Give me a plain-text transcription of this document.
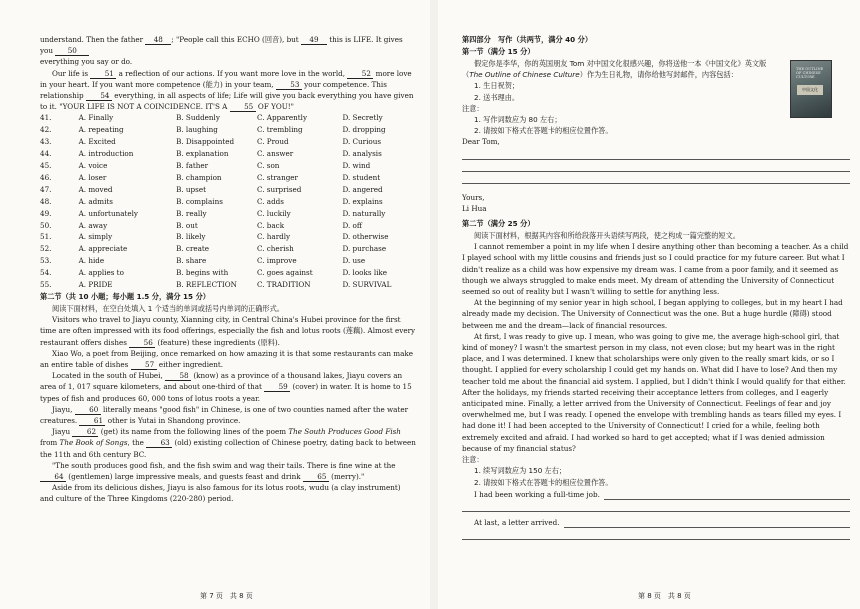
understand. Then the father 48 ; "People call this ECHO (回音), but 49 this is LIFE. It gives you 50
everything you say or do.

Our life is 51 a reflection of our actions. If you want more love in the world, 52 more love in your heart. If you want more competence (能力) in your team, 53 your competence. This relationship 54 everything, in all aspects of life; Life will give you back everything you have given to it. "YOUR LIFE IS NOT A COINCIDENCE. IT'S A 55 OF YOU!"

41.	A. Finally	B. Suddenly	C. Apparently	D. Secretly
42.	A. repeating	B. laughing	C. trembling	D. dropping
43.	A. Excited	B. Disappointed	C. Proud	D. Curious
44.	A. introduction	B. explanation	C. answer	D. analysis
45.	A. voice	B. father	C. son	D. wind
46.	A. loser	B. champion	C. stranger	D. student
47.	A. moved	B. upset	C. surprised	D. angered
48.	A. admits	B. complains	C. adds	D. explains
49.	A. unfortunately	B. really	C. luckily	D. naturally
50.	A. away	B. out	C. back	D. off
51.	A. simply	B. likely	C. hardly	D. otherwise
52.	A. appreciate	B. create	C. cherish	D. purchase
53.	A. hide	B. share	C. improve	D. use
54.	A. applies to	B. begins with	C. goes against	D. looks like
55.	A. PRIDE	B. REFLECTION	C. TRADITION	D. SURVIVAL

第二节（共 10 小题；每小题 1.5 分，满分 15 分）

阅读下面材料，在空白处填入 1 个适当的单词或括号内单词的正确形式。

Visitors who travel to Jiayu county, Xianning city, in Central China's Hubei province for the first time are often impressed with its food offerings, especially the fish and lotus roots (莲藕). Almost every restaurant offers dishes 56 (feature) these ingredients (原料).

Xiao Wo, a poet from Beijing, once remarked on how amazing it is that some restaurants can make an entire table of dishes 57 either ingredient.

Located in the south of Hubei, 58 (know) as a province of a thousand lakes, Jiayu covers an area of 1, 017 square kilometers, and about one-third of that 59 (cover) in water. It is home to 15 types of fish and produces 60, 000 tons of lotus roots a year.

Jiayu, 60 literally means "good fish" in Chinese, is one of two counties named after the water creatures. 61 other is Yutai in Shandong province.

Jiayu 62 (get) its name from the following lines of the poem The South Produces Good Fish from The Book of Songs, the 63 (old) existing collection of Chinese poetry, dating back to between the 11th and 6th century BC.

"The south produces good fish, and the fish swim and wag their tails. There is fine wine at the 64 (gentlemen) large impressive meals, and guests feast and drink 65 (merry)."

Aside from its delicious dishes, Jiayu is also famous for its lotus roots, wudu (a clay instrument) and culture of the Three Kingdoms (220-280) period.

第 7 页　共 8 页

第四部分　写作（共两节，满分 40 分）

第一节（满分 15 分）

THE OUTLINE OF CHINESE CULTURE
中国文化

假定你是李华，你的英国朋友 Tom 对中国文化很感兴趣，你将送他一本《中国文化》英文版（The Outline of Chinese Culture）作为生日礼物，请你给他写封邮件，内容包括：

1. 生日祝贺；

2. 送书理由。

注意：

1. 写作词数应为 80 左右；

2. 请按如下格式在答题卡的相应位置作答。

Dear Tom,

Yours,

Li Hua

第二节（满分 25 分）

阅读下面材料，根据其内容和所给段落开头语续写两段，使之构成一篇完整的短文。

I cannot remember a point in my life when I desire anything other than becoming a teacher. As a child I played school with my little cousins and friends just so I could practice for my future career. But what I didn't realize as a child was how expensive my dream was. I came from a poor family, and it seemed as though we always struggled to make ends meet. My dream of attending the University of Connecticut seemed so out of reality but I wasn't willing to settle for anything less.

At the beginning of my senior year in high school, I began applying to colleges, but in my heart I had already made my decision. The University of Connecticut was the one. But a huge hurdle (障碍) stood between me and the dream—lack of financial resources.

At first, I was ready to give up. I mean, who was going to give me, the average high-school girl, that kind of money? I wasn't the smartest person in my class, not even close; but my heart was in the right place, and I was determined. I knew that scholarships were only given to the really smart kids, or so I thought. I applied for every scholarship I could get my hands on. What did I have to lose? And then my teacher told me about the financial aid system. I applied, but I didn't think I would qualify for that either. After the holidays, my friends started receiving their acceptance letters from colleges, and I eagerly anticipated mine. Finally, a letter arrived from the University of Connecticut. Feelings of fear and joy overwhelmed me, but I was ready. I opened the envelope with trembling hands as tears filled my eyes. I had done it! I had been accepted to the University of Connecticut! I cried for a while, feeling both extremely excited and afraid. I had worked so hard to get accepted; what if I was denied admission because of my financial status?

注意：

1. 续写词数应为 150 左右；

2. 请按如下格式在答题卡的相应位置作答。

I had been working a full-time job.

At last, a letter arrived.

第 8 页　共 8 页
